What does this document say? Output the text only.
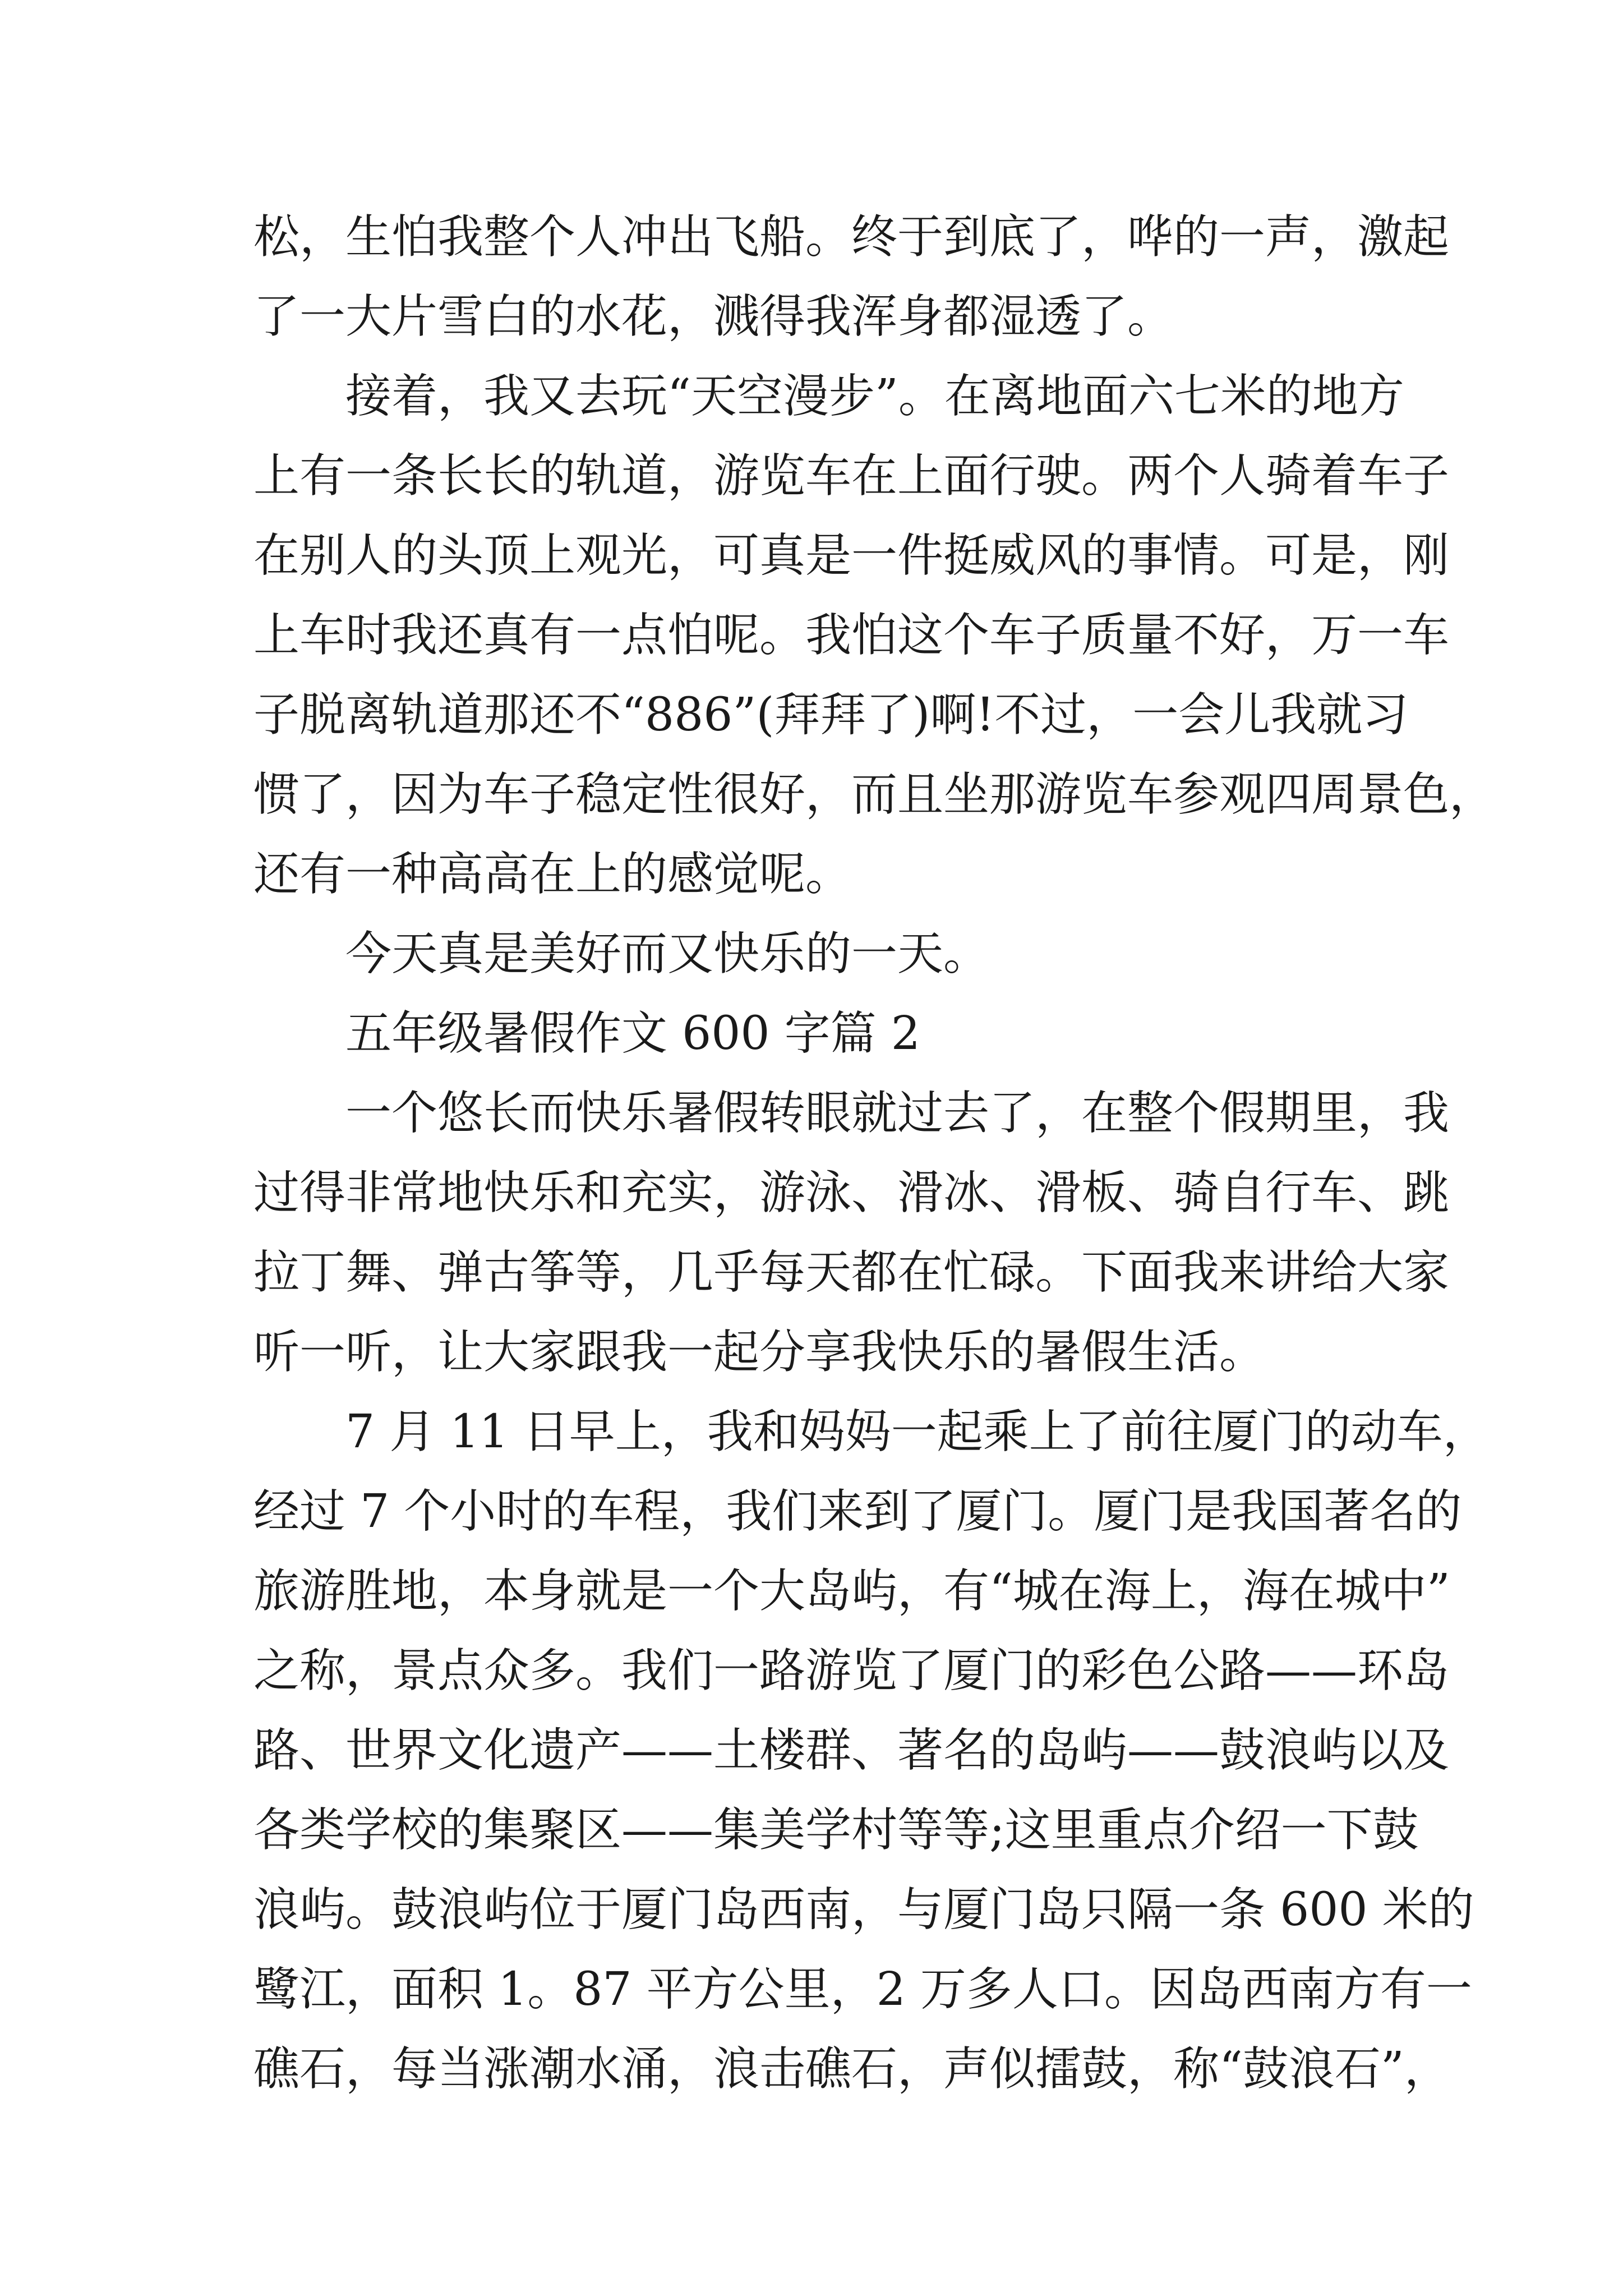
松，生怕我整个人冲出飞船。终于到底了，哗的一声，激起
了一大片雪白的水花，溅得我浑身都湿透了。
接着，我又去玩“天空漫步”。在离地面六七米的地方
上有一条长长的轨道，游览车在上面行驶。两个人骑着车子
在别人的头顶上观光，可真是一件挺威风的事情。可是，刚
上车时我还真有一点怕呢。我怕这个车子质量不好，万一车
子脱离轨道那还不“886”(拜拜了)啊!不过，一会儿我就习
惯了，因为车子稳定性很好，而且坐那游览车参观四周景色，
还有一种高高在上的感觉呢。
今天真是美好而又快乐的一天。
五年级暑假作文 600 字篇 2
一个悠长而快乐暑假转眼就过去了，在整个假期里，我
过得非常地快乐和充实，游泳、滑冰、滑板、骑自行车、跳
拉丁舞、弹古筝等，几乎每天都在忙碌。下面我来讲给大家
听一听，让大家跟我一起分享我快乐的暑假生活。
7 月 11 日早上，我和妈妈一起乘上了前往厦门的动车，
经过 7 个小时的车程，我们来到了厦门。厦门是我国著名的
旅游胜地，本身就是一个大岛屿，有“城在海上，海在城中”
之称，景点众多。我们一路游览了厦门的彩色公路——环岛
路、世界文化遗产——土楼群、著名的岛屿——鼓浪屿以及
各类学校的集聚区——集美学村等等;这里重点介绍一下鼓
浪屿。鼓浪屿位于厦门岛西南，与厦门岛只隔一条 600 米的
鹭江，面积 1。87 平方公里，2 万多人口。因岛西南方有一
礁石，每当涨潮水涌，浪击礁石，声似擂鼓，称“鼓浪石”，
